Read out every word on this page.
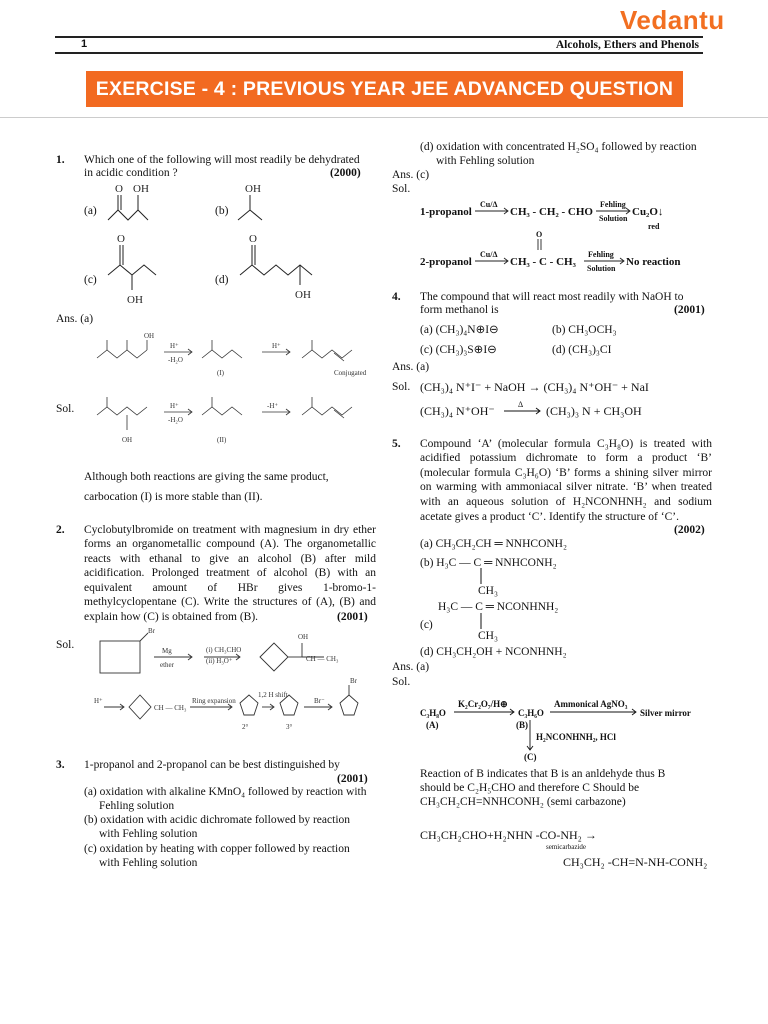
Vedantu
1	Alcohols, Ethers and Phenols
EXERCISE - 4 : PREVIOUS YEAR JEE ADVANCED QUESTION
1. Which one of the following will most readily be dehydrated
in acidic condition ?	(2000)
(a)	(b)
(c)	(d)
O OH	OH
O
OH
O
OH
Ans. (a)
Sol.
OH
H⁺
-H₂O
H⁺
(I)	Conjugated
OH
H⁺
-H₂O
-H⁺
(II)
Although both reactions are giving the same product,
carbocation (I) is more stable than (II).
2. Cyclobutylbromide on treatment with magnesium in dry ether
forms an organometallic compound (A). The organometallic
reacts with ethanal to give an alcohol (B) after mild
acidification. Prolonged treatment of alcohol (B) with an
equivalent amount of HBr gives 1-bromo-1-
methylcyclopentane (C). Write the structures of (A), (B) and
explain how (C) is obtained from (B).	(2001)
Sol.
Br
Mg
ether
(i) CH₃CHO
(ii) H₃O⁺
OH
CH — CH₃
H⁺
CH — CH₃
Ring expansion
1,2 H shift
2°	3°
Br⁻
Br
3. 1-propanol and 2-propanol can be best distinguished by
(2001)
(a) oxidation with alkaline KMnO₄ followed by reaction with
Fehling solution
(b) oxidation with acidic dichromate followed by reaction
with Fehling solution
(c) oxidation by heating with copper followed by reaction
with Fehling solution
(d) oxidation with concentrated H₂SO₄ followed by reaction
with Fehling solution
Ans. (c)
Sol.
1-propanol	CH₃ - CH₂ - CHO	Cu₂O↓
2-propanol	CH₃ - C - CH₃	No reaction
Cu/Δ	Fehling
Solution
red
Cu/Δ
O
Fehling
Solution
4. The compound that will react most readily with NaOH to
form methanol is	(2001)
(a) (CH₃)₄N⊕I⊖	(b) CH₃OCH₃
(c) (CH₃)₃S⊕I⊖	(d) (CH₃)₃CI
Ans. (a)
Sol. (CH₃)₄ N⁺I⁻ + NaOH → (CH₃)₄ N⁺OH⁻ + NaI
(CH₃)₄ N⁺OH⁻	Δ (CH₃)₃ N + CH₃OH
5. Compound ‘A’ (molecular formula C₃H₈O) is treated with
acidified potassium dichromate to form a product ‘B’
(molecular formula C₃H₆O) ‘B’ forms a shining silver mirror
on warming with ammoniacal silver nitrate. ‘B’ when treated
with an aqueous solution of H₂NCONHNH₂ and sodium
acetate gives a product ‘C’. Identify the structure of ‘C’.
(2002)
(a) CH₃CH₂CH ═ NNHCONH₂
(b) H₃C — C ═ NNHCONH₂
CH₃
H₃C — C ═ NCONHNH₂
(c)
CH₃
(d) CH₃CH₂OH + NCONHNH₂
Ans. (a)
Sol.
C₃H₈O
(A)
K₂Cr₂O₇/H⊕
C₃H₆O
(B)
Ammonical AgNO₃
Silver mirror
H₂NCONHNH₂, HCl
(C)
Reaction of B indicates that B is an anldehyde thus B
should be C₂H₅CHO and therefore C Should be
CH₃CH₂CH=NNHCONH₂ (semi carbazone)
CH₃CH₂CHO+H₂NHN -CO-NH₂ →
semicarbazide
CH₃CH₂ -CH=N-NH-CONH₂
